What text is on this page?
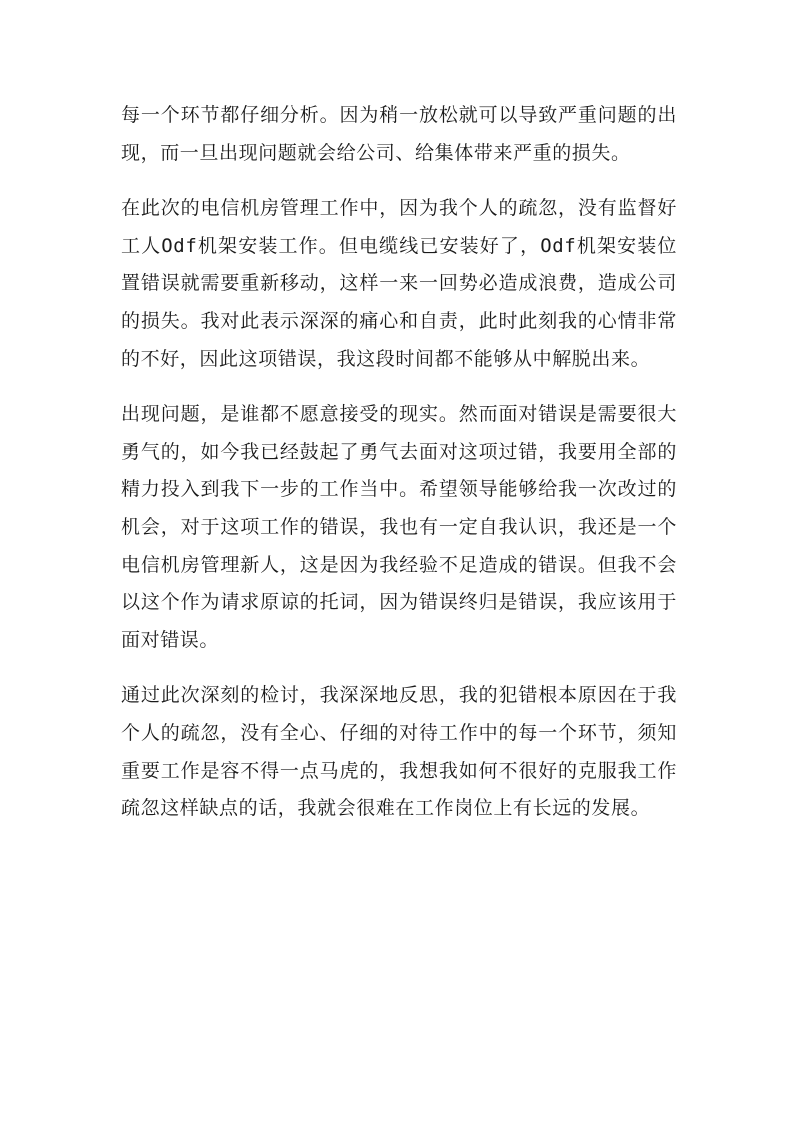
每一个环节都仔细分析。因为稍一放松就可以导致严重问题的出现，而一旦出现问题就会给公司、给集体带来严重的损失。

在此次的电信机房管理工作中，因为我个人的疏忽，没有监督好工人Odf机架安装工作。但电缆线已安装好了，Odf机架安装位置错误就需要重新移动，这样一来一回势必造成浪费，造成公司的损失。我对此表示深深的痛心和自责，此时此刻我的心情非常的不好，因此这项错误，我这段时间都不能够从中解脱出来。

出现问题，是谁都不愿意接受的现实。然而面对错误是需要很大勇气的，如今我已经鼓起了勇气去面对这项过错，我要用全部的精力投入到我下一步的工作当中。希望领导能够给我一次改过的机会，对于这项工作的错误，我也有一定自我认识，我还是一个电信机房管理新人，这是因为我经验不足造成的错误。但我不会以这个作为请求原谅的托词，因为错误终归是错误，我应该用于面对错误。

通过此次深刻的检讨，我深深地反思，我的犯错根本原因在于我个人的疏忽，没有全心、仔细的对待工作中的每一个环节，须知重要工作是容不得一点马虎的，我想我如何不很好的克服我工作疏忽这样缺点的话，我就会很难在工作岗位上有长远的发展。
